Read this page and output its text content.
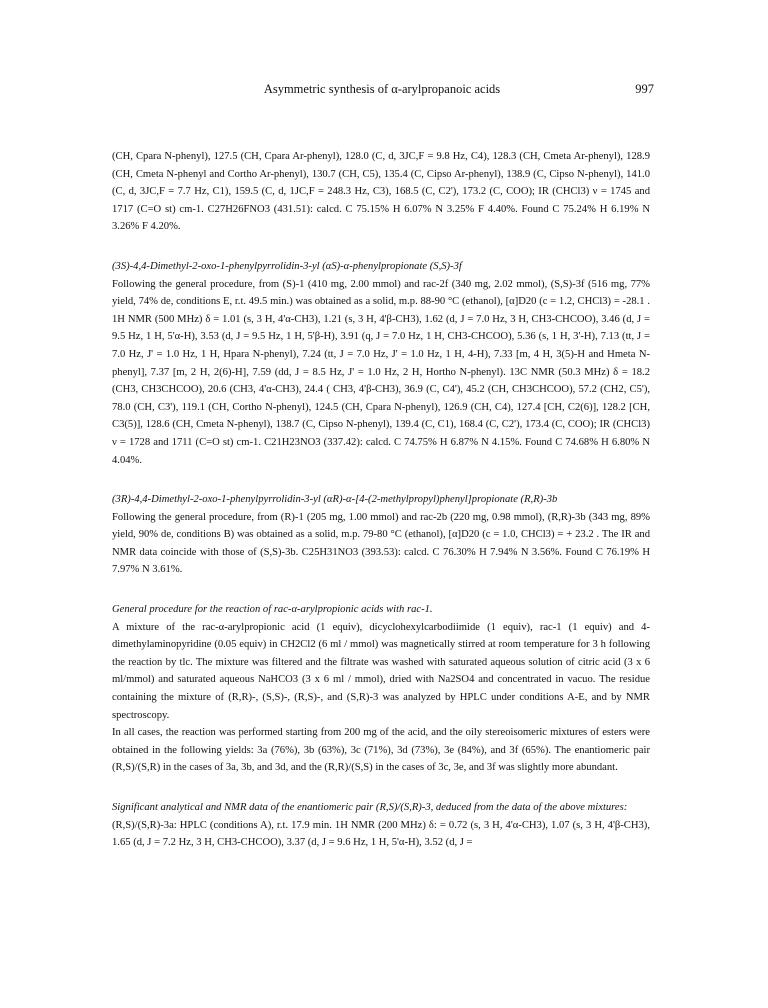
Asymmetric synthesis of α-arylpropanoic acids	997

(CH, Cpara N-phenyl), 127.5 (CH, Cpara Ar-phenyl), 128.0 (C, d, 3JC,F = 9.8 Hz, C4), 128.3 (CH, Cmeta Ar-phenyl), 128.9 (CH, Cmeta N-phenyl and Cortho Ar-phenyl), 130.7 (CH, C5), 135.4 (C, Cipso Ar-phenyl), 138.9 (C, Cipso N-phenyl), 141.0 (C, d, 3JC,F = 7.7 Hz, C1), 159.5 (C, d, 1JC,F = 248.3 Hz, C3), 168.5 (C, C2'), 173.2 (C, COO); IR (CHCl3) ν = 1745 and 1717 (C=O st) cm-1. C27H26FNO3 (431.51): calcd. C 75.15% H 6.07% N 3.25% F 4.40%. Found C 75.24% H 6.19% N 3.26% F 4.20%.

(3S)-4,4-Dimethyl-2-oxo-1-phenylpyrrolidin-3-yl (αS)-α-phenylpropionate (S,S)-3f

Following the general procedure, from (S)-1 (410 mg, 2.00 mmol) and rac-2f (340 mg, 2.02 mmol), (S,S)-3f (516 mg, 77% yield, 74% de, conditions E, r.t. 49.5 min.) was obtained as a solid, m.p. 88-90 °C (ethanol), [α]D20 (c = 1.2, CHCl3) = -28.1 . 1H NMR (500 MHz) δ = 1.01 (s, 3 H, 4'α-CH3), 1.21 (s, 3 H, 4'β-CH3), 1.62 (d, J = 7.0 Hz, 3 H, CH3-CHCOO), 3.46 (d, J = 9.5 Hz, 1 H, 5'α-H), 3.53 (d, J = 9.5 Hz, 1 H, 5'β-H), 3.91 (q, J = 7.0 Hz, 1 H, CH3-CHCOO), 5.36 (s, 1 H, 3'-H), 7.13 (tt, J = 7.0 Hz, J' = 1.0 Hz, 1 H, Hpara N-phenyl), 7.24 (tt, J = 7.0 Hz, J' = 1.0 Hz, 1 H, 4-H), 7.33 [m, 4 H, 3(5)-H and Hmeta N-phenyl], 7.37 [m, 2 H, 2(6)-H], 7.59 (dd, J = 8.5 Hz, J' = 1.0 Hz, 2 H, Hortho N-phenyl). 13C NMR (50.3 MHz) δ = 18.2 (CH3, CH3CHCOO), 20.6 (CH3, 4'α-CH3), 24.4 ( CH3, 4'β-CH3), 36.9 (C, C4'), 45.2 (CH, CH3CHCOO), 57.2 (CH2, C5'), 78.0 (CH, C3'), 119.1 (CH, Cortho N-phenyl), 124.5 (CH, Cpara N-phenyl), 126.9 (CH, C4), 127.4 [CH, C2(6)], 128.2 [CH, C3(5)], 128.6 (CH, Cmeta N-phenyl), 138.7 (C, Cipso N-phenyl), 139.4 (C, C1), 168.4 (C, C2'), 173.4 (C, COO); IR (CHCl3) ν = 1728 and 1711 (C=O st) cm-1. C21H23NO3 (337.42): calcd. C 74.75% H 6.87% N 4.15%. Found C 74.68% H 6.80% N 4.04%.

(3R)-4,4-Dimethyl-2-oxo-1-phenylpyrrolidin-3-yl (αR)-α-[4-(2-methylpropyl)phenyl]propionate (R,R)-3b

Following the general procedure, from (R)-1 (205 mg, 1.00 mmol) and rac-2b (220 mg, 0.98 mmol), (R,R)-3b (343 mg, 89% yield, 90% de, conditions B) was obtained as a solid, m.p. 79-80 °C (ethanol), [α]D20 (c = 1.0, CHCl3) = + 23.2 . The IR and NMR data coincide with those of (S,S)-3b. C25H31NO3 (393.53): calcd. C 76.30% H 7.94% N 3.56%. Found C 76.19% H 7.97% N 3.61%.

General procedure for the reaction of rac-α-arylpropionic acids with rac-1.

A mixture of the rac-α-arylpropionic acid (1 equiv), dicyclohexylcarbodiimide (1 equiv), rac-1 (1 equiv) and 4-dimethylaminopyridine (0.05 equiv) in CH2Cl2 (6 ml / mmol) was magnetically stirred at room temperature for 3 h following the reaction by tlc. The mixture was filtered and the filtrate was washed with saturated aqueous solution of citric acid (3 x 6 ml/mmol) and saturated aqueous NaHCO3 (3 x 6 ml / mmol), dried with Na2SO4 and concentrated in vacuo. The residue containing the mixture of (R,R)-, (S,S)-, (R,S)-, and (S,R)-3 was analyzed by HPLC under conditions A-E, and by NMR spectroscopy.

In all cases, the reaction was performed starting from 200 mg of the acid, and the oily stereoisomeric mixtures of esters were obtained in the following yields: 3a (76%), 3b (63%), 3c (71%), 3d (73%), 3e (84%), and 3f (65%). The enantiomeric pair (R,S)/(S,R) in the cases of 3a, 3b, and 3d, and the (R,R)/(S,S) in the cases of 3c, 3e, and 3f was slightly more abundant.

Significant analytical and NMR data of the enantiomeric pair (R,S)/(S,R)-3, deduced from the data of the above mixtures:

(R,S)/(S,R)-3a: HPLC (conditions A), r.t. 17.9 min. 1H NMR (200 MHz) δ: = 0.72 (s, 3 H, 4'α-CH3), 1.07 (s, 3 H, 4'β-CH3), 1.65 (d, J = 7.2 Hz, 3 H, CH3-CHCOO), 3.37 (d, J = 9.6 Hz, 1 H, 5'α-H), 3.52 (d, J =
